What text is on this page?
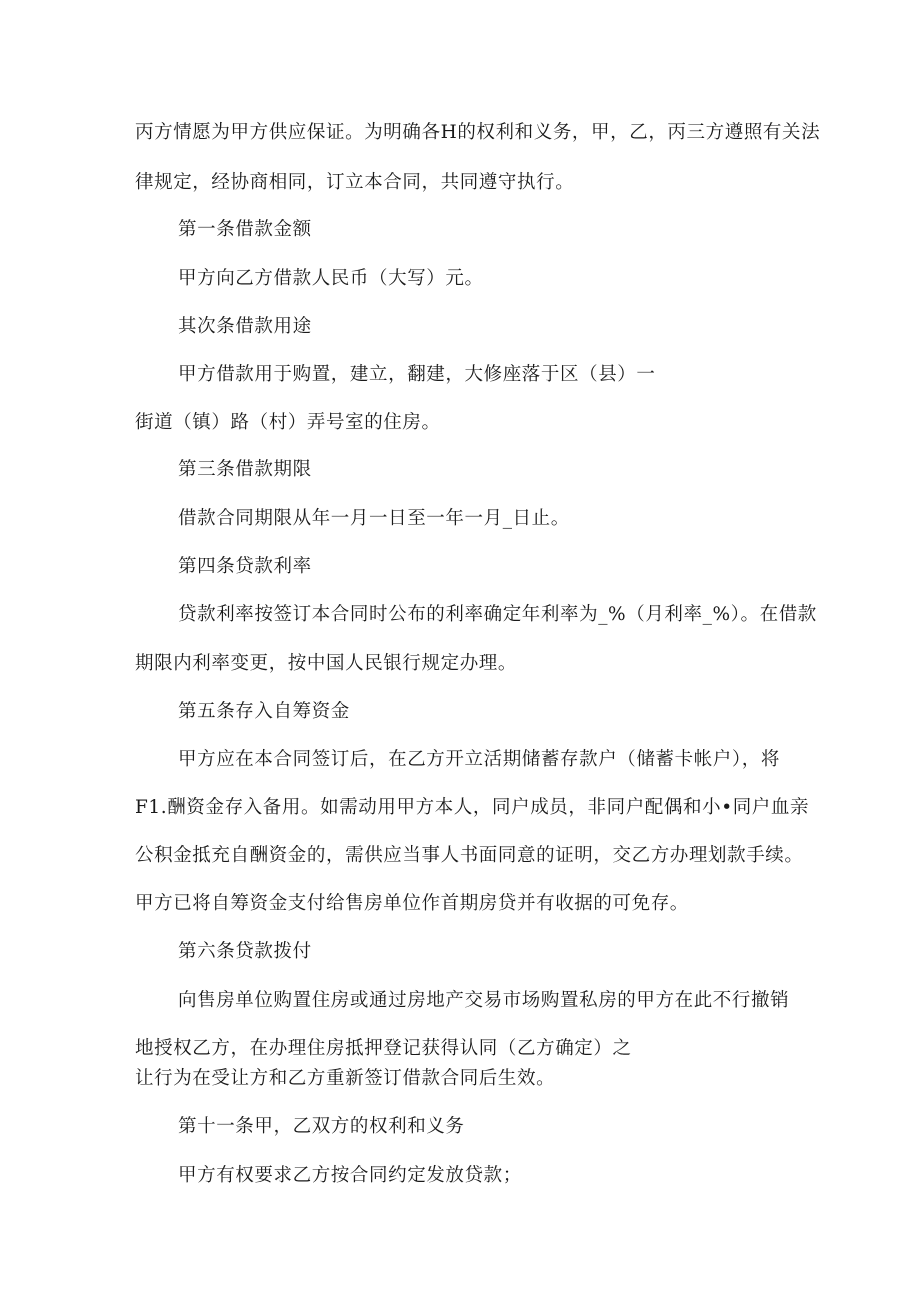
丙方情愿为甲方供应保证。为明确各H的权利和义务，甲，乙，丙三方遵照有关法
律规定，经协商相同，订立本合同，共同遵守执行。
第一条借款金额
甲方向乙方借款人民币（大写）元。
其次条借款用途
甲方借款用于购置，建立，翻建，大修座落于区（县）一
街道（镇）路（村）弄号室的住房。
第三条借款期限
借款合同期限从年一月一日至一年一月_日止。
第四条贷款利率
贷款利率按签订本合同时公布的利率确定年利率为_%（月利率_%）。在借款
期限内利率变更，按中国人民银行规定办理。
第五条存入自筹资金
甲方应在本合同签订后，在乙方开立活期储蓄存款户（储蓄卡帐户），将
F1.酬资金存入备用。如需动用甲方本人，同户成员，非同户配偶和小•同户血亲
公积金抵充自酬资金的，需供应当事人书面同意的证明，交乙方办理划款手续。
甲方已将自筹资金支付给售房单位作首期房贷并有收据的可免存。
第六条贷款拨付
向售房单位购置住房或通过房地产交易市场购置私房的甲方在此不行撤销
地授权乙方，在办理住房抵押登记获得认同（乙方确定）之
让行为在受让方和乙方重新签订借款合同后生效。
第十一条甲，乙双方的权利和义务
甲方有权要求乙方按合同约定发放贷款；
